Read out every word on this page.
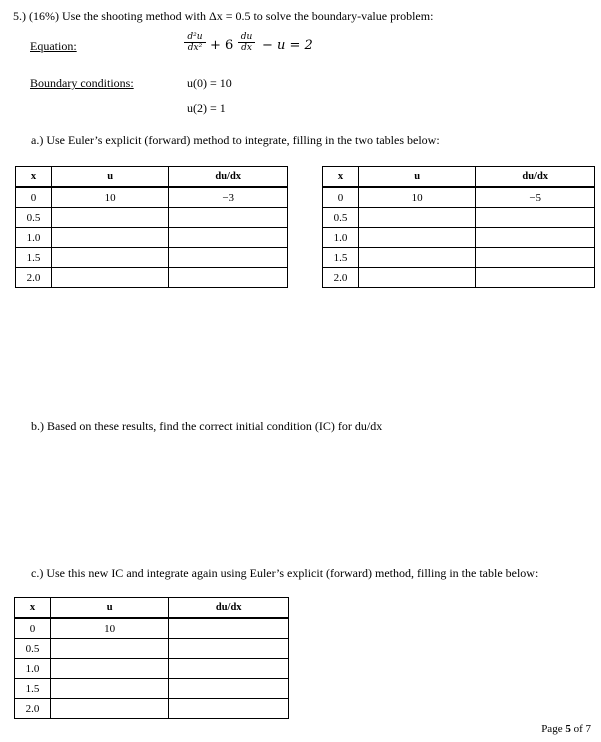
5.) (16%) Use the shooting method with Δx = 0.5 to solve the boundary-value problem:
Equation:	$\frac{\text{d²u}}{\text{dx²}} + 6 \frac{du}{dx} - u = 2$
Boundary conditions:	u(0) = 10
u(2) = 1
a.) Use Euler’s explicit (forward) method to integrate, filling in the two tables below:
x	u	du/dx
0	10	−3
0.5		
1.0		
1.5		
2.0		
x	u	du/dx
0	10	−5
0.5		
1.0		
1.5		
2.0		
b.) Based on these results, find the correct initial condition (IC) for du/dx
c.) Use this new IC and integrate again using Euler’s explicit (forward) method, filling in the table below:
x	u	du/dx
0	10	
0.5		
1.0		
1.5		
2.0		
Page 5 of 7
